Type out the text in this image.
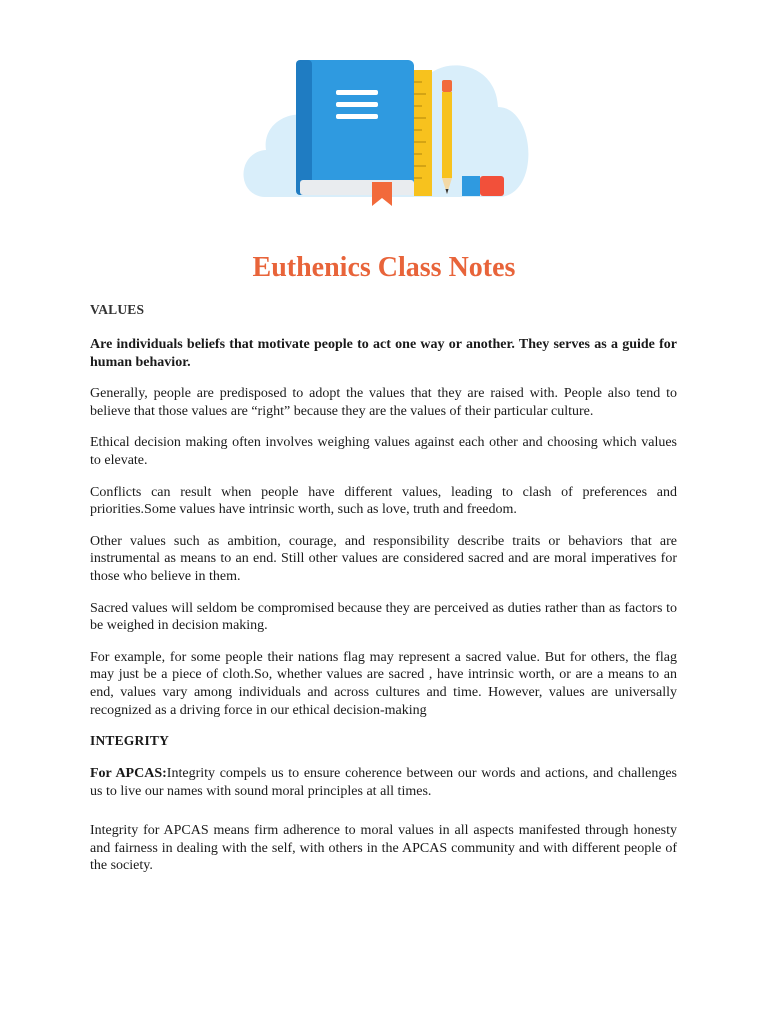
Euthenics Class Notes
VALUES

Are individuals beliefs that motivate people to act one way or another. They serves as a guide for human behavior.

Generally, people are predisposed to adopt the values that they are raised with. People also tend to believe that those values are “right” because they are the values of their particular culture.

Ethical decision making often involves weighing values against each other and choosing which values to elevate.

Conflicts can result when people have different values, leading to clash of preferences and priorities.Some values have intrinsic worth, such as love, truth and freedom.

Other values such as ambition, courage, and responsibility describe traits or behaviors that are instrumental as means to an end. Still other values are considered sacred and are moral imperatives for those who believe in them.

Sacred values will seldom be compromised because they are perceived as duties rather than as factors to be weighed in decision making.

For example, for some people their nations flag may represent a sacred value. But for others, the flag may just be a piece of cloth.So, whether values are sacred , have intrinsic worth, or are a means to an end, values vary among individuals and across cultures and time. However, values are universally recognized as a driving force in our ethical decision-making

INTEGRITY

For APCAS:Integrity compels us to ensure coherence between our words and actions, and challenges us to live our names with sound moral principles at all times.

Integrity for APCAS means firm adherence to moral values in all aspects manifested through honesty and fairness in dealing with the self, with others in the APCAS community and with different people of the society.
